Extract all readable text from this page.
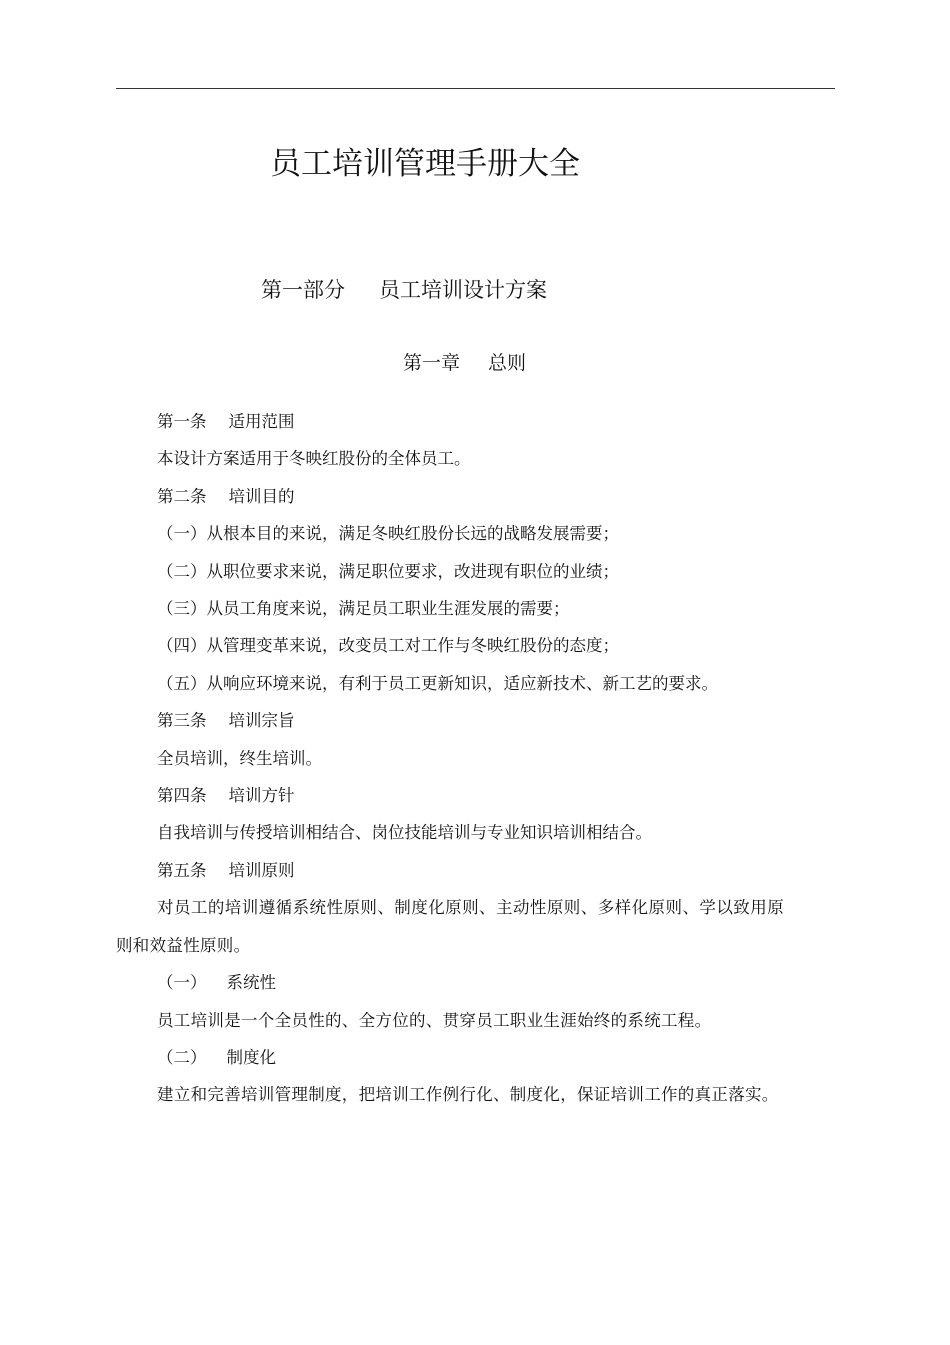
员工培训管理手册大全
第一部分 员工培训设计方案
第一章 总则

第一条 适用范围

本设计方案适用于冬映红股份的全体员工。

第二条 培训目的

（一）从根本目的来说，满足冬映红股份长远的战略发展需要；

（二）从职位要求来说，满足职位要求，改进现有职位的业绩；

（三）从员工角度来说，满足员工职业生涯发展的需要；

（四）从管理变革来说，改变员工对工作与冬映红股份的态度；

（五）从响应环境来说，有利于员工更新知识，适应新技术、新工艺的要求。

第三条 培训宗旨

全员培训，终生培训。

第四条 培训方针

自我培训与传授培训相结合、岗位技能培训与专业知识培训相结合。

第五条 培训原则

对员工的培训遵循系统性原则、制度化原则、主动性原则、多样化原则、学以致用原则和效益性原则。

（一） 系统性

员工培训是一个全员性的、全方位的、贯穿员工职业生涯始终的系统工程。

（二） 制度化

建立和完善培训管理制度，把培训工作例行化、制度化，保证培训工作的真正落实。
